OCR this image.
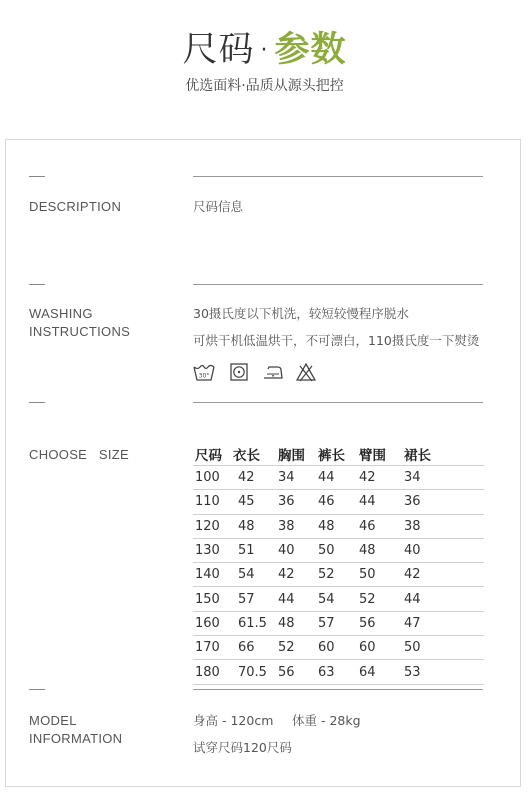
尺码 · 参数
优选面料·品质从源头把控
DESCRIPTION	尺码信息
WASHING
INSTRUCTIONS
30摄氏度以下机洗，较短较慢程序脱水
可烘干机低温烘干，不可漂白，110摄氏度一下熨烫
30°
CHOOSE   SIZE	尺码	衣长	胸围	裤长	臂围	裙长
100	42	34	44	42	34
110	45	36	46	44	36
120	48	38	48	46	38
130	51	40	50	48	40
140	54	42	52	50	42
150	57	44	54	52	44
160	61.5	48	57	56	47
170	66	52	60	60	50
180	70.5	56	63	64	53
MODEL
INFORMATION
身高 - 120cm 体重 - 28kg
试穿尺码120尺码
